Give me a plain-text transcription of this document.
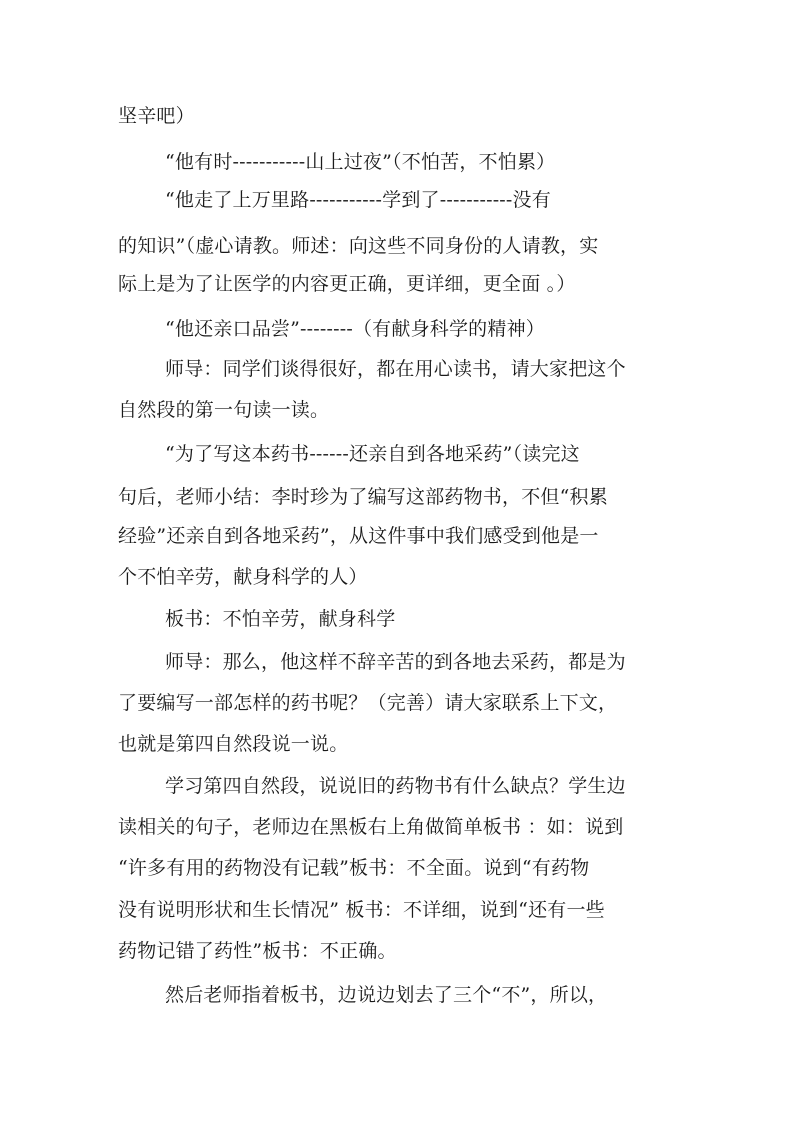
坚辛吧）
“他有时-----------山上过夜”（不怕苦，不怕累）
“他走了上万里路-----------学到了-----------没有
的知识”（虚心请教。师述：向这些不同身份的人请教，实
际上是为了让医学的内容更正确，更详细，更全面 。）
“他还亲口品尝”--------（有献身科学的精神）
师导：同学们谈得很好，都在用心读书，请大家把这个
自然段的第一句读一读。
“为了写这本药书------还亲自到各地采药”（读完这
句后，老师小结：李时珍为了编写这部药物书，不但“积累
经验”还亲自到各地采药”，从这件事中我们感受到他是一
个不怕辛劳，献身科学的人）
板书：不怕辛劳，献身科学
师导：那么，他这样不辞辛苦的到各地去采药，都是为
了要编写一部怎样的药书呢？（完善）请大家联系上下文，
也就是第四自然段说一说。
学习第四自然段，说说旧的药物书有什么缺点？学生边
读相关的句子，老师边在黑板右上角做简单板书 ：如：说到
“许多有用的药物没有记载”板书：不全面。说到“有药物
没有说明形状和生长情况” 板书：不详细，说到“还有一些
药物记错了药性”板书：不正确。
然后老师指着板书，边说边划去了三个“不”，所以，
